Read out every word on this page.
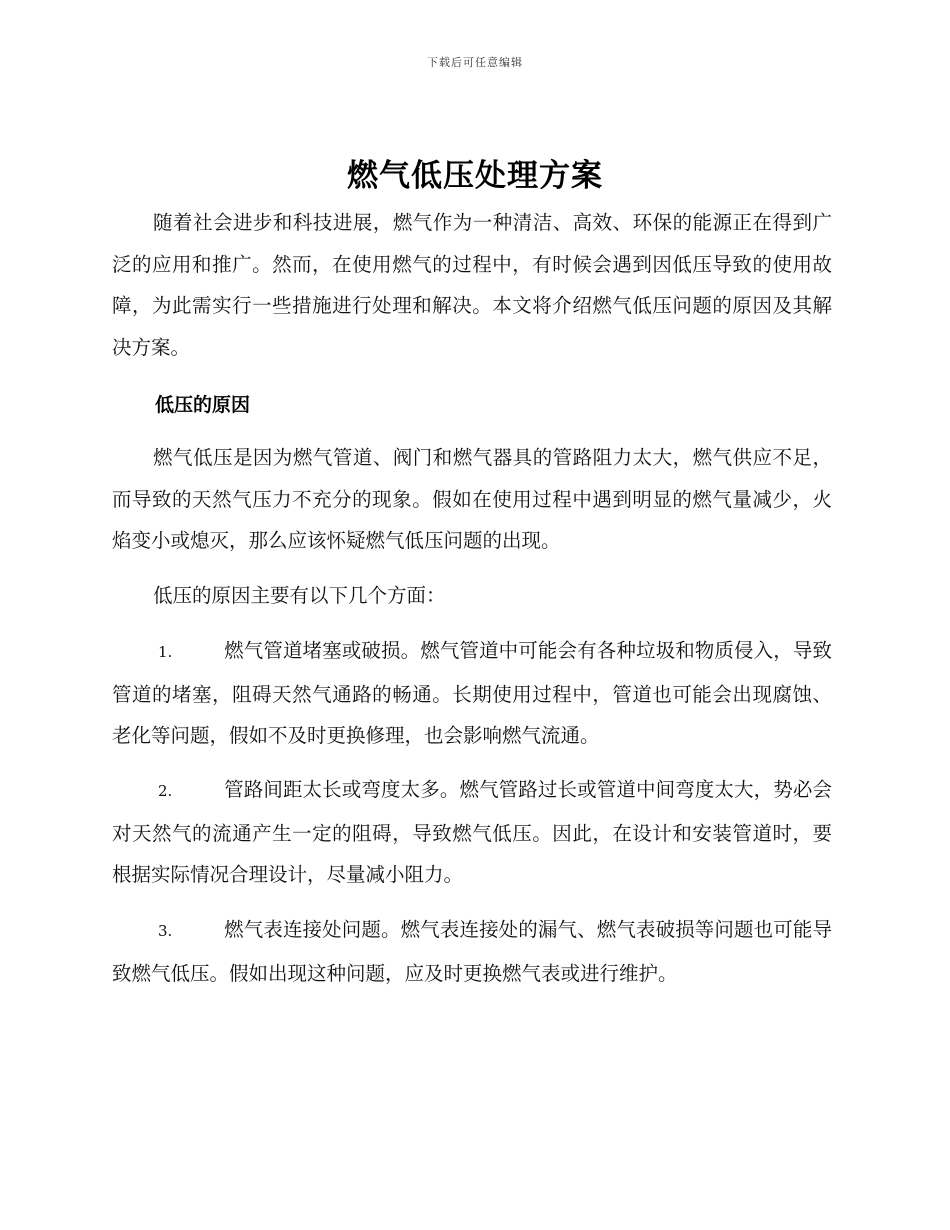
下载后可任意编辑
燃气低压处理方案

随着社会进步和科技进展，燃气作为一种清洁、高效、环保的能源正在得到广泛的应用和推广。然而，在使用燃气的过程中，有时候会遇到因低压导致的使用故障，为此需实行一些措施进行处理和解决。本文将介绍燃气低压问题的原因及其解决方案。

低压的原因

燃气低压是因为燃气管道、阀门和燃气器具的管路阻力太大，燃气供应不足，而导致的天然气压力不充分的现象。假如在使用过程中遇到明显的燃气量减少，火焰变小或熄灭，那么应该怀疑燃气低压问题的出现。

低压的原因主要有以下几个方面：

1.	燃气管道堵塞或破损。燃气管道中可能会有各种垃圾和物质侵入，导致管道的堵塞，阻碍天然气通路的畅通。长期使用过程中，管道也可能会出现腐蚀、老化等问题，假如不及时更换修理，也会影响燃气流通。

2.	管路间距太长或弯度太多。燃气管路过长或管道中间弯度太大，势必会对天然气的流通产生一定的阻碍，导致燃气低压。因此，在设计和安装管道时，要根据实际情况合理设计，尽量减小阻力。

3.	燃气表连接处问题。燃气表连接处的漏气、燃气表破损等问题也可能导致燃气低压。假如出现这种问题，应及时更换燃气表或进行维护。
